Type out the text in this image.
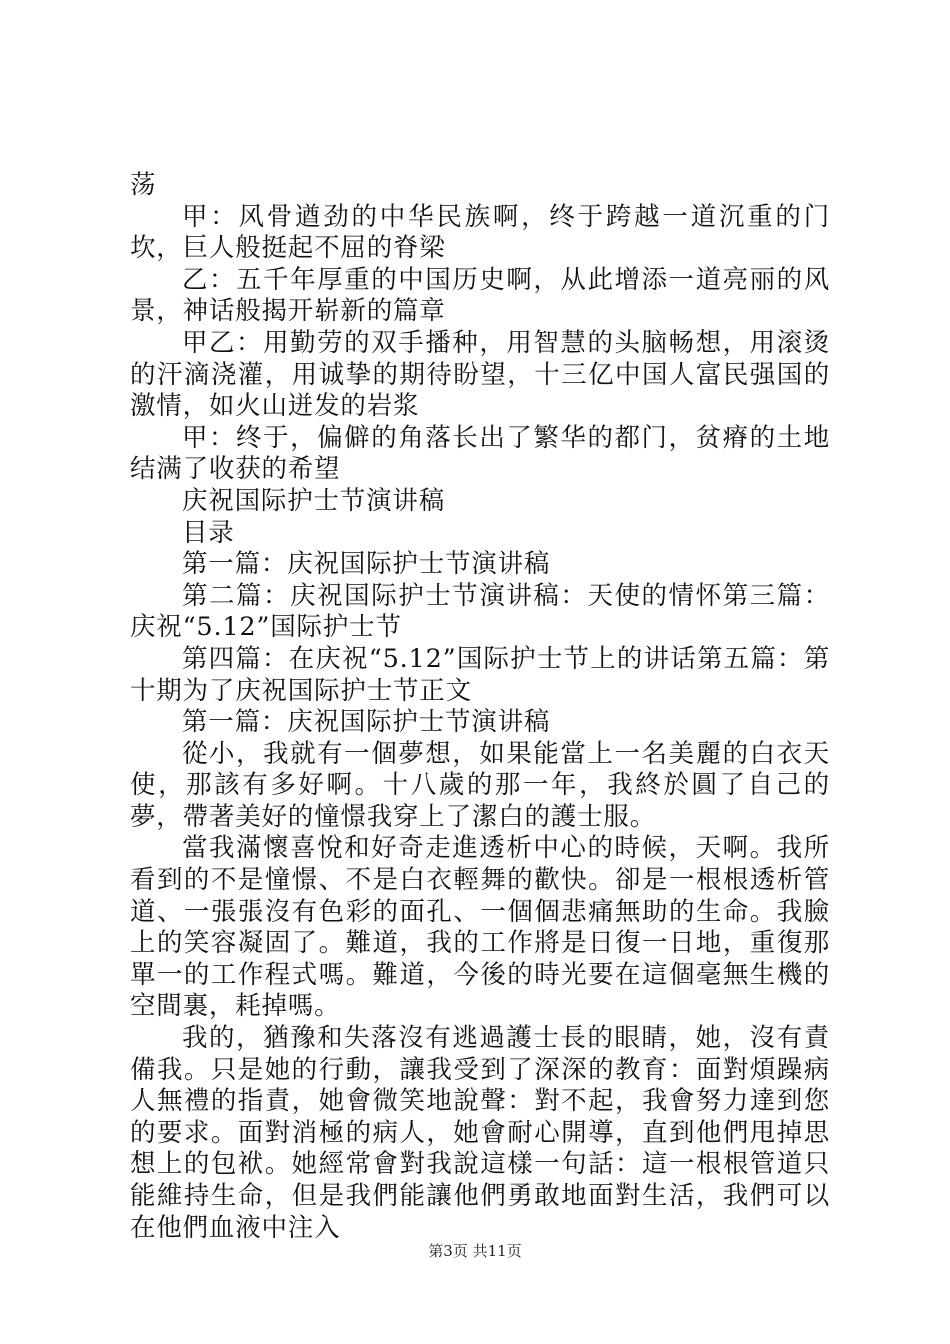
荡

甲：风骨遒劲的中华民族啊，终于跨越一道沉重的门坎，巨人般挺起不屈的脊梁

乙：五千年厚重的中国历史啊，从此增添一道亮丽的风景，神话般揭开崭新的篇章

甲乙：用勤劳的双手播种，用智慧的头脑畅想，用滚烫的汗滴浇灌，用诚挚的期待盼望，十三亿中国人富民强国的激情，如火山迸发的岩浆

甲：终于，偏僻的角落长出了繁华的都门，贫瘠的土地结满了收获的希望

庆祝国际护士节演讲稿

目录

第一篇：庆祝国际护士节演讲稿

第二篇：庆祝国际护士节演讲稿：天使的情怀第三篇：庆祝“5.12”国际护士节

第四篇：在庆祝“5.12”国际护士节上的讲话第五篇：第十期为了庆祝国际护士节正文

第一篇：庆祝国际护士节演讲稿

從小，我就有一個夢想，如果能當上一名美麗的白衣天使，那該有多好啊。十八歲的那一年，我終於圓了自己的夢，帶著美好的憧憬我穿上了潔白的護士服。

當我滿懷喜悅和好奇走進透析中心的時候，天啊。我所看到的不是憧憬、不是白衣輕舞的歡快。卻是一根根透析管道、一張張沒有色彩的面孔、一個個悲痛無助的生命。我臉上的笑容凝固了。難道，我的工作將是日復一日地，重復那單一的工作程式嗎。難道，今後的時光要在這個毫無生機的空間裏，耗掉嗎。

我的，猶豫和失落沒有逃過護士長的眼睛，她，沒有責備我。只是她的行動，讓我受到了深深的教育：面對煩躁病人無禮的指責，她會微笑地說聲：對不起，我會努力達到您的要求。面對消極的病人，她會耐心開導，直到他們甩掉思想上的包袱。她經常會對我說這樣一句話：這一根根管道只能維持生命，但是我們能讓他們勇敢地面對生活，我們可以在他們血液中注入

第3页 共11页
